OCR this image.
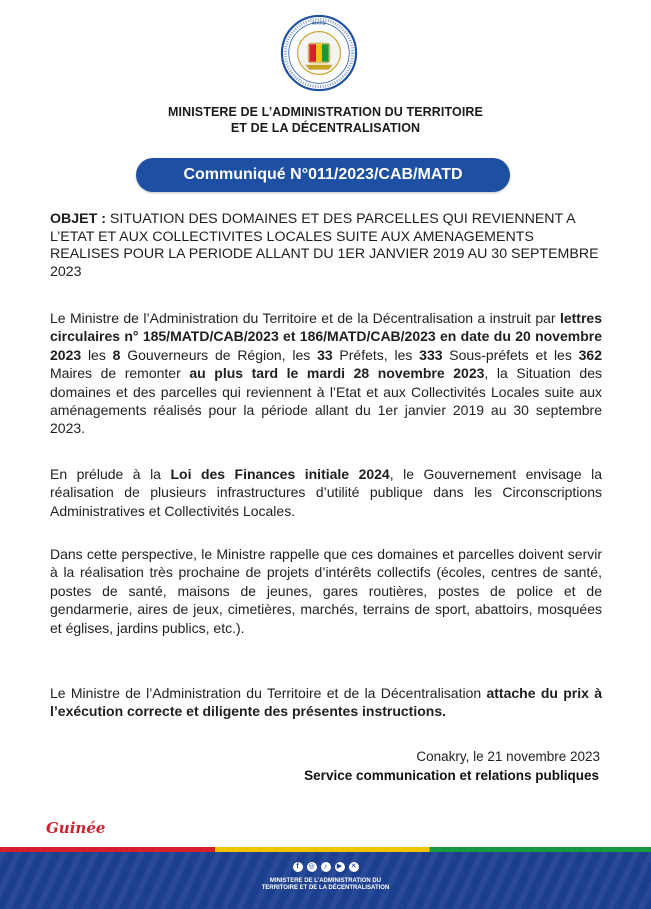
MATD
MINISTERE DE L’ADMINISTRATION DU TERRITOIRE
ET DE LA DÉCENTRALISATION
Communiqué N°011/2023/CAB/MATD
OBJET : SITUATION DES DOMAINES ET DES PARCELLES QUI REVIENNENT A L’ETAT ET AUX COLLECTIVITES LOCALES SUITE AUX AMENAGEMENTS REALISES POUR LA PERIODE ALLANT DU 1ER JANVIER 2019 AU 30 SEPTEMBRE 2023
Le Ministre de l’Administration du Territoire et de la Décentralisation a instruit par lettres circulaires n° 185/MATD/CAB/2023 et 186/MATD/CAB/2023 en date du 20 novembre 2023 les 8 Gouverneurs de Région, les 33 Préfets, les 333 Sous-préfets et les 362 Maires de remonter au plus tard le mardi 28 novembre 2023, la Situation des domaines et des parcelles qui reviennent à l’Etat et aux Collectivités Locales suite aux aménagements réalisés pour la période allant du 1er janvier 2019 au 30 septembre 2023.
En prélude à la Loi des Finances initiale 2024, le Gouvernement envisage la réalisation de plusieurs infrastructures d’utilité publique dans les Circonscriptions Administratives et Collectivités Locales.
Dans cette perspective, le Ministre rappelle que ces domaines et parcelles doivent servir à la réalisation très prochaine de projets d’intérêts collectifs (écoles, centres de santé, postes de santé, maisons de jeunes, gares routières, postes de police et de gendarmerie, aires de jeux, cimetières, marchés, terrains de sport, abattoirs, mosquées et églises, jardins publics, etc.).
Le Ministre de l’Administration du Territoire et de la Décentralisation attache du prix à l’exécution correcte et diligente des présentes instructions.
Conakry, le 21 novembre 2023
Service communication et relations publiques
Guinée
f ◎ ♪ ▶ ✕
MINISTERE DE L’ADMINISTRATION DU
TERRITOIRE ET DE LA DÉCENTRALISATION
